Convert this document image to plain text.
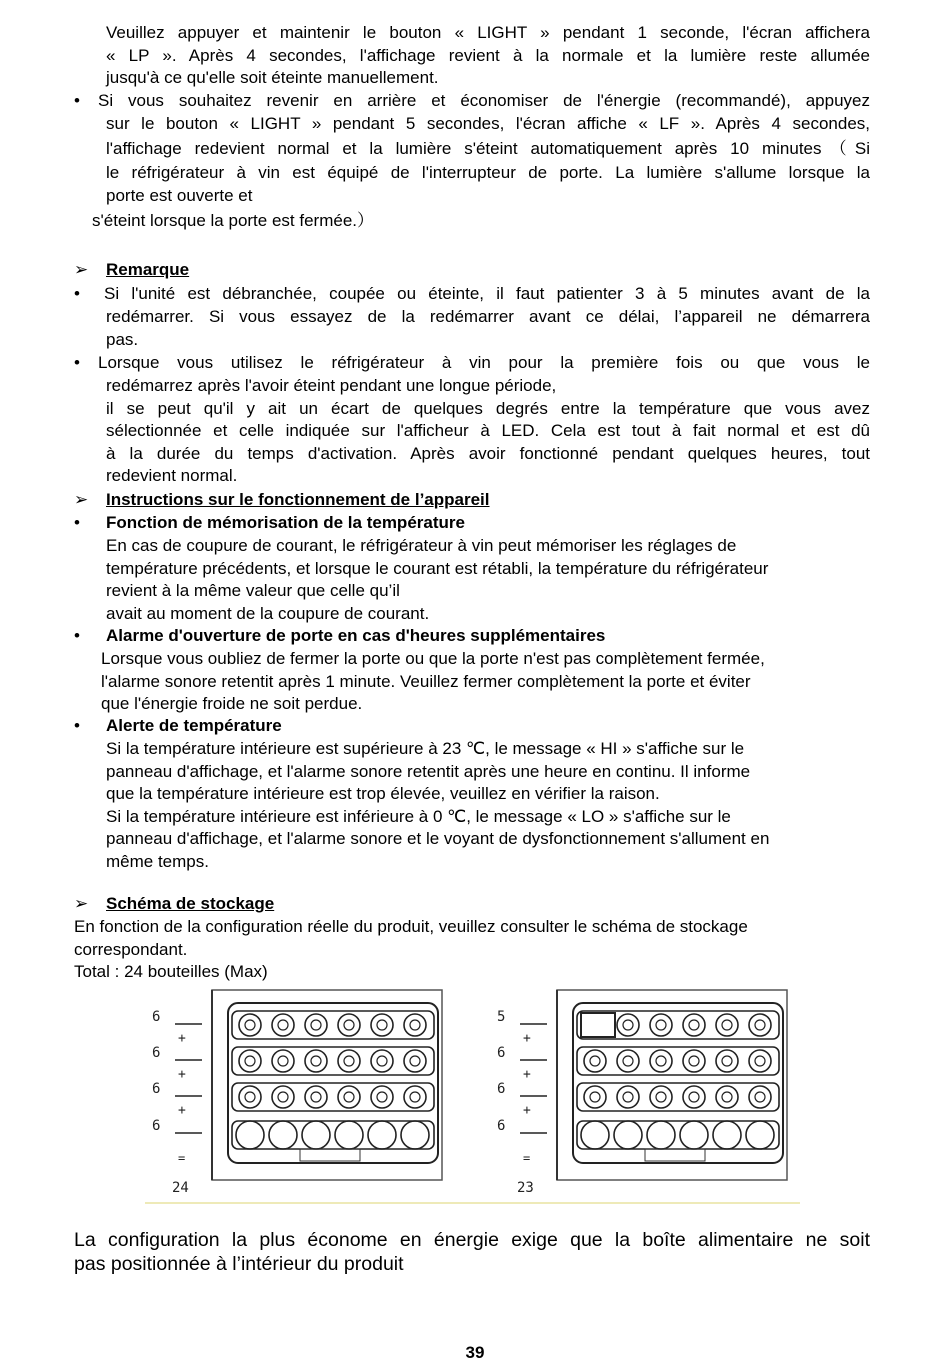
Veuillez appuyer et maintenir le bouton « LIGHT » pendant 1 seconde, l'écran affichera
« LP ». Après 4 secondes, l'affichage revient à la normale et la lumière reste allumée
jusqu'à ce qu'elle soit éteinte manuellement.
• Si vous souhaitez revenir en arrière et économiser de l'énergie (recommandé), appuyez
sur le bouton « LIGHT » pendant 5 secondes, l'écran affiche « LF ». Après 4 secondes,
l'affichage redevient normal et la lumière s'éteint automatiquement après 10 minutes（Si
le réfrigérateur à vin est équipé de l'interrupteur de porte. La lumière s'allume lorsque la
porte est ouverte et
s'éteint lorsque la porte est fermée.）
➢ Remarque
• Si l'unité est débranchée, coupée ou éteinte, il faut patienter 3 à 5 minutes avant de la
redémarrer. Si vous essayez de la redémarrer avant ce délai, l’appareil ne démarrera
pas.
• Lorsque vous utilisez le réfrigérateur à vin pour la première fois ou que vous le
redémarrez après l'avoir éteint pendant une longue période,
il se peut qu'il y ait un écart de quelques degrés entre la température que vous avez
sélectionnée et celle indiquée sur l'afficheur à LED. Cela est tout à fait normal et est dû
à la durée du temps d'activation. Après avoir fonctionné pendant quelques heures, tout
redevient normal.
➢ Instructions sur le fonctionnement de l’appareil
• Fonction de mémorisation de la température
En cas de coupure de courant, le réfrigérateur à vin peut mémoriser les réglages de
température précédents, et lorsque le courant est rétabli, la température du réfrigérateur
revient à la même valeur que celle qu’il
avait au moment de la coupure de courant.
• Alarme d'ouverture de porte en cas d'heures supplémentaires
Lorsque vous oubliez de fermer la porte ou que la porte n'est pas complètement fermée,
l'alarme sonore retentit après 1 minute. Veuillez fermer complètement la porte et éviter
que l'énergie froide ne soit perdue.
• Alerte de température
Si la température intérieure est supérieure à 23 ℃, le message « HI » s'affiche sur le
panneau d'affichage, et l'alarme sonore retentit après une heure en continu. Il informe
que la température intérieure est trop élevée, veuillez en vérifier la raison.
Si la température intérieure est inférieure à 0 ℃, le message « LO » s'affiche sur le
panneau d'affichage, et l'alarme sonore et le voyant de dysfonctionnement s'allument en
même temps.
➢ Schéma de stockage
En fonction de la configuration réelle du produit, veuillez consulter le schéma de stockage
correspondant.
Total : 24 bouteilles (Max)
6
6
6
6
+
+
+
=
24
5
6
6
6
+
+
+
=
23
La configuration la plus économe en énergie exige que la boîte alimentaire ne soit
pas positionnée à l’intérieur du produit
39
